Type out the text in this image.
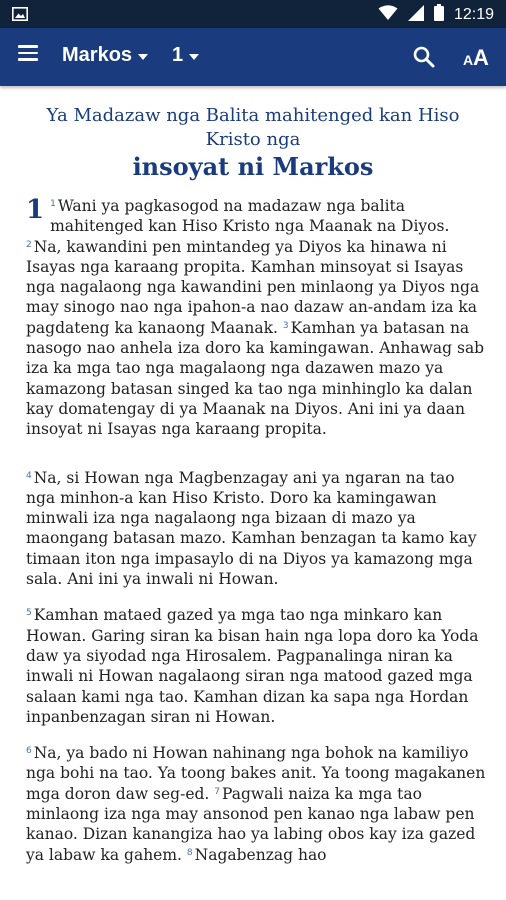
12:19
Markos 1	A A
Ya Madazaw nga Balita mahitenged kan Hiso Kristo nga
insoyat ni Markos

1 $^1$ Wani ya pagkasogod na madazaw nga balita mahitenged kan Hiso Kristo nga Maanak na Diyos. $^2$ Na, kawandini pen mintandeg ya Diyos ka hinawa ni Isayas nga karaang propita. Kamhan minsoyat si Isayas nga nagalaong nga kawandini pen minlaong ya Diyos nga may sinogo nao nga ipahon-a nao dazaw an-andam iza ka pagdateng ka kanaong Maanak. $^3$ Kamhan ya batasan na nasogo nao anhela iza doro ka kamingawan. Anhawag sab iza ka mga tao nga magalaong nga dazawen mazo ya kamazong batasan singed ka tao nga minhinglo ka dalan kay domatengay di ya Maanak na Diyos. Ani ini ya daan insoyat ni Isayas nga karaang propita.

$^4$ Na, si Howan nga Magbenzagay ani ya ngaran na tao nga minhon-a kan Hiso Kristo. Doro ka kamingawan minwali iza nga nagalaong nga bizaan di mazo ya maongang batasan mazo. Kamhan benzagan ta kamo kay timaan iton nga impasaylo di na Diyos ya kamazong mga sala. Ani ini ya inwali ni Howan.

$^5$ Kamhan mataed gazed ya mga tao nga minkaro kan Howan. Garing siran ka bisan hain nga lopa doro ka Yoda daw ya siyodad nga Hirosalem. Pagpanalinga niran ka inwali ni Howan nagalaong siran nga matood gazed mga salaan kami nga tao. Kamhan dizan ka sapa nga Hordan inpanbenzagan siran ni Howan.

$^6$ Na, ya bado ni Howan nahinang nga bohok na kamiliyo nga bohi na tao. Ya toong bakes anit. Ya toong magakanen mga doron daw seg-ed. $^7$ Pagwali naiza ka mga tao minlaong iza nga may ansonod pen kanao nga labaw pen kanao. Dizan kanangiza hao ya labing obos kay iza gazed ya labaw ka gahem. $^8$ Nagabenzag hao
